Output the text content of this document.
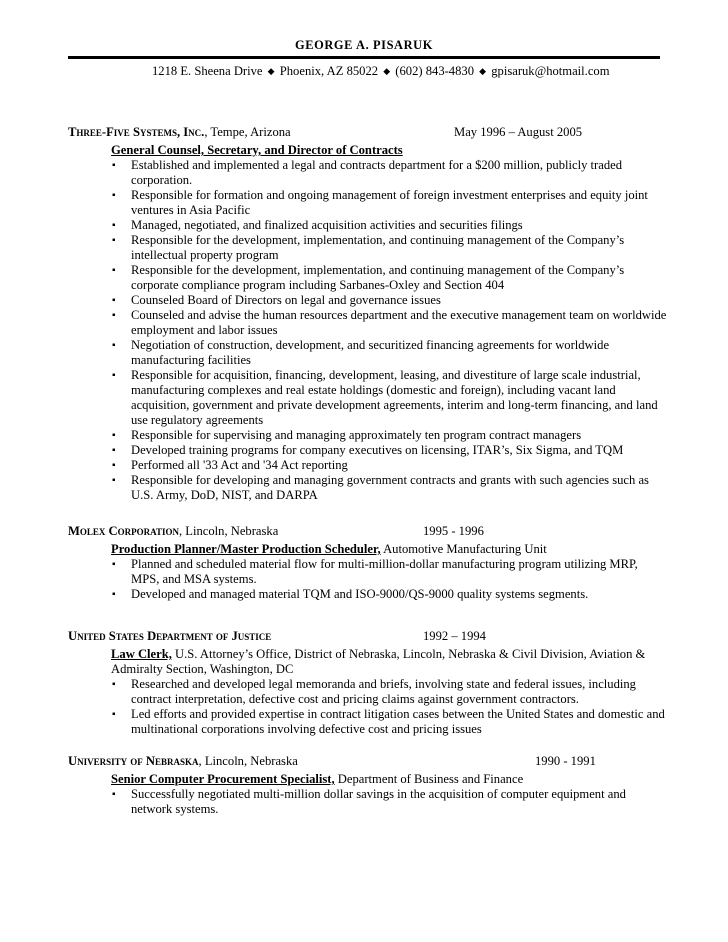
GEORGE A. PISARUK
1218 E. Sheena Drive ◆ Phoenix, AZ 85022 ◆ (602) 843-4830 ◆ gpisaruk@hotmail.com
Three-Five Systems, Inc., Tempe, Arizona	May 1996 – August 2005
General Counsel, Secretary, and Director of Contracts
▪ Established and implemented a legal and contracts department for a $200 million, publicly traded corporation.
▪ Responsible for formation and ongoing management of foreign investment enterprises and equity joint ventures in Asia Pacific
▪ Managed, negotiated, and finalized acquisition activities and securities filings
▪ Responsible for the development, implementation, and continuing management of the Company’s intellectual property program
▪ Responsible for the development, implementation, and continuing management of the Company’s corporate compliance program including Sarbanes-Oxley and Section 404
▪ Counseled Board of Directors on legal and governance issues
▪ Counseled and advise the human resources department and the executive management team on worldwide employment and labor issues
▪ Negotiation of construction, development, and securitized financing agreements for worldwide manufacturing facilities
▪ Responsible for acquisition, financing, development, leasing, and divestiture of large scale industrial, manufacturing complexes and real estate holdings (domestic and foreign), including vacant land acquisition, government and private development agreements, interim and long-term financing, and land use regulatory agreements
▪ Responsible for supervising and managing approximately ten program contract managers
▪ Developed training programs for company executives on licensing, ITAR’s, Six Sigma, and TQM
▪ Performed all '33 Act and '34 Act reporting
▪ Responsible for developing and managing government contracts and grants with such agencies such as U.S. Army, DoD, NIST, and DARPA
Molex Corporation, Lincoln, Nebraska	1995 - 1996
Production Planner/Master Production Scheduler, Automotive Manufacturing Unit
▪ Planned and scheduled material flow for multi-million-dollar manufacturing program utilizing MRP, MPS, and MSA systems.
▪ Developed and managed material TQM and ISO-9000/QS-9000 quality systems segments.
United States Department of Justice	1992 – 1994
Law Clerk, U.S. Attorney’s Office, District of Nebraska, Lincoln, Nebraska & Civil Division, Aviation & Admiralty Section, Washington, DC
▪ Researched and developed legal memoranda and briefs, involving state and federal issues, including contract interpretation, defective cost and pricing claims against government contractors.
▪ Led efforts and provided expertise in contract litigation cases between the United States and domestic and multinational corporations involving defective cost and pricing issues
University of Nebraska, Lincoln, Nebraska	1990 - 1991
Senior Computer Procurement Specialist, Department of Business and Finance
▪ Successfully negotiated multi-million dollar savings in the acquisition of computer equipment and network systems.
